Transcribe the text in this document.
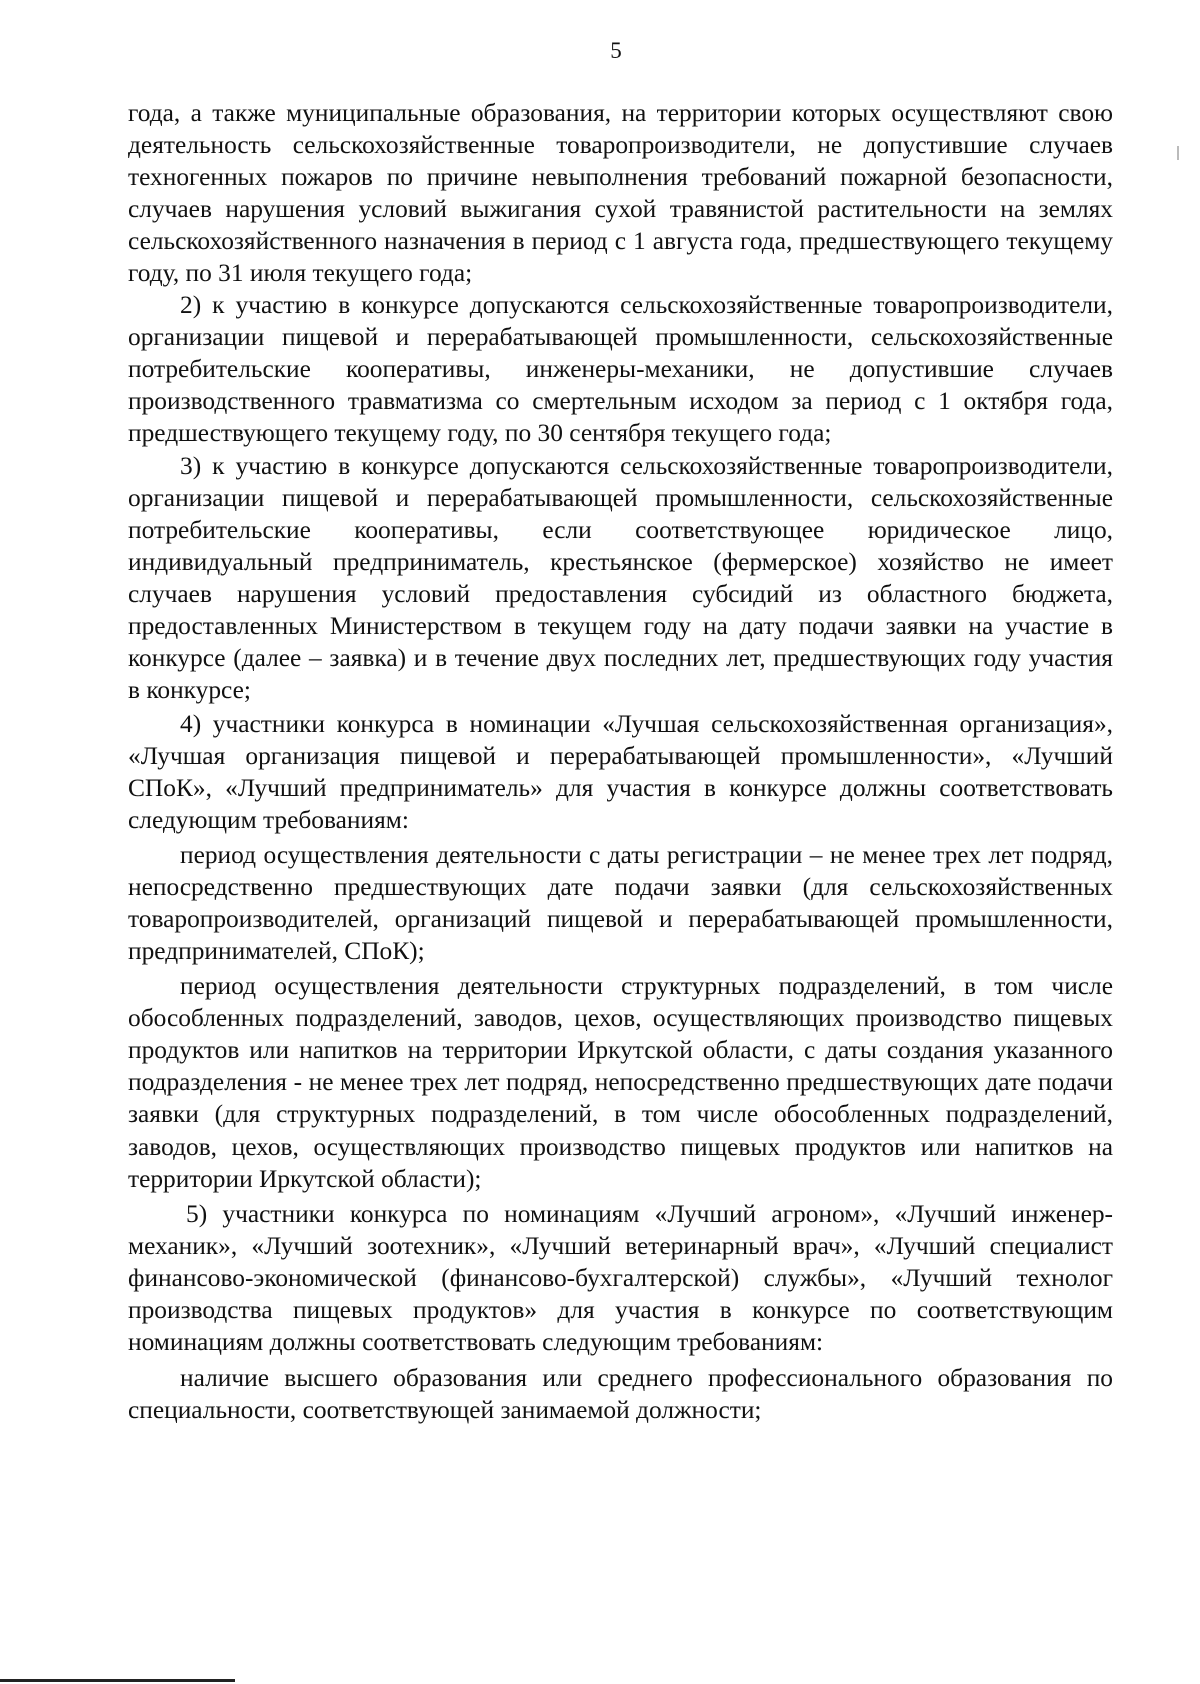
5

года, а также муниципальные образования, на территории которых осуществляют свою деятельность сельскохозяйственные товаропроизводители, не допустившие случаев техногенных пожаров по причине невыполнения требований пожарной безопасности, случаев нарушения условий выжигания сухой травянистой растительности на землях сельскохозяйственного назначения в период с 1 августа года, предшествующего текущему году, по 31 июля текущего года;

2) к участию в конкурсе допускаются сельскохозяйственные товаропроизводители, организации пищевой и перерабатывающей промышленности, сельскохозяйственные потребительские кооперативы, инженеры-механики, не допустившие случаев производственного травматизма со смертельным исходом за период с 1 октября года, предшествующего текущему году, по 30 сентября текущего года;

3) к участию в конкурсе допускаются сельскохозяйственные товаропроизводители, организации пищевой и перерабатывающей промышленности, сельскохозяйственные потребительские кооперативы, если соответствующее юридическое лицо, индивидуальный предприниматель, крестьянское (фермерское) хозяйство не имеет случаев нарушения условий предоставления субсидий из областного бюджета, предоставленных Министерством в текущем году на дату подачи заявки на участие в конкурсе (далее – заявка) и в течение двух последних лет, предшествующих году участия в конкурсе;

4) участники конкурса в номинации «Лучшая сельскохозяйственная организация», «Лучшая организация пищевой и перерабатывающей промышленности», «Лучший СПоК», «Лучший предприниматель» для участия в конкурсе должны соответствовать следующим требованиям:

период осуществления деятельности с даты регистрации – не менее трех лет подряд, непосредственно предшествующих дате подачи заявки (для сельскохозяйственных товаропроизводителей, организаций пищевой и перерабатывающей промышленности, предпринимателей, СПоК);

период осуществления деятельности структурных подразделений, в том числе обособленных подразделений, заводов, цехов, осуществляющих производство пищевых продуктов или напитков на территории Иркутской области, с даты создания указанного подразделения - не менее трех лет подряд, непосредственно предшествующих дате подачи заявки (для структурных подразделений, в том числе обособленных подразделений, заводов, цехов, осуществляющих производство пищевых продуктов или напитков на территории Иркутской области);

5) участники конкурса по номинациям «Лучший агроном», «Лучший инженер-механик», «Лучший зоотехник», «Лучший ветеринарный врач», «Лучший специалист финансово-экономической (финансово-бухгалтерской) службы», «Лучший технолог производства пищевых продуктов» для участия в конкурсе по соответствующим номинациям должны соответствовать следующим требованиям:

наличие высшего образования или среднего профессионального образования по специальности, соответствующей занимаемой должности;
